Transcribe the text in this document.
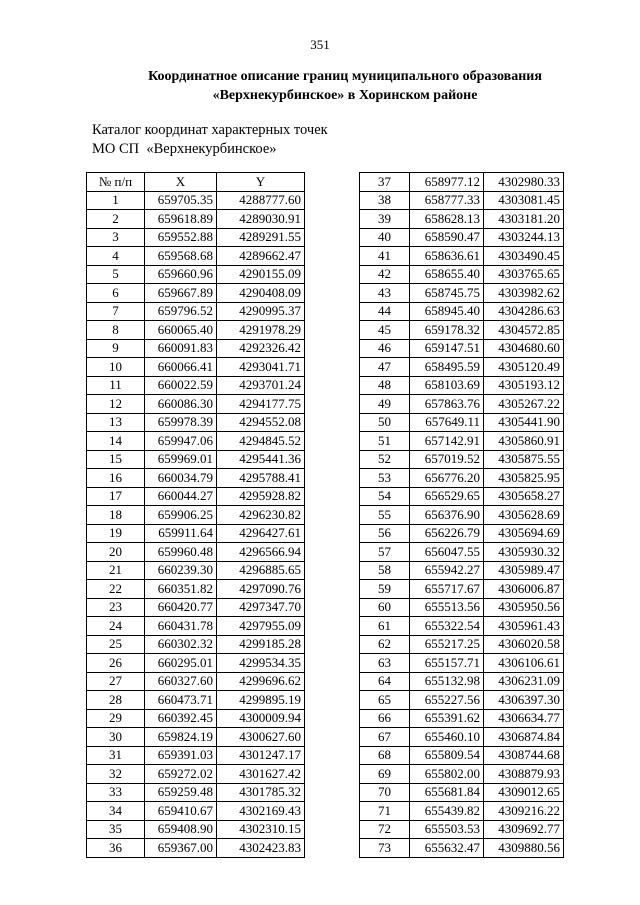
351
Координатное описание границ муниципального образования
«Верхнекурбинское» в Хоринском районе
Каталог координат характерных точек
МО СП  «Верхнекурбинское»
№ п/п	X	Y
1	659705.35	4288777.60
2	659618.89	4289030.91
3	659552.88	4289291.55
4	659568.68	4289662.47
5	659660.96	4290155.09
6	659667.89	4290408.09
7	659796.52	4290995.37
8	660065.40	4291978.29
9	660091.83	4292326.42
10	660066.41	4293041.71
11	660022.59	4293701.24
12	660086.30	4294177.75
13	659978.39	4294552.08
14	659947.06	4294845.52
15	659969.01	4295441.36
16	660034.79	4295788.41
17	660044.27	4295928.82
18	659906.25	4296230.82
19	659911.64	4296427.61
20	659960.48	4296566.94
21	660239.30	4296885.65
22	660351.82	4297090.76
23	660420.77	4297347.70
24	660431.78	4297955.09
25	660302.32	4299185.28
26	660295.01	4299534.35
27	660327.60	4299696.62
28	660473.71	4299895.19
29	660392.45	4300009.94
30	659824.19	4300627.60
31	659391.03	4301247.17
32	659272.02	4301627.42
33	659259.48	4301785.32
34	659410.67	4302169.43
35	659408.90	4302310.15
36	659367.00	4302423.83
37	658977.12	4302980.33
38	658777.33	4303081.45
39	658628.13	4303181.20
40	658590.47	4303244.13
41	658636.61	4303490.45
42	658655.40	4303765.65
43	658745.75	4303982.62
44	658945.40	4304286.63
45	659178.32	4304572.85
46	659147.51	4304680.60
47	658495.59	4305120.49
48	658103.69	4305193.12
49	657863.76	4305267.22
50	657649.11	4305441.90
51	657142.91	4305860.91
52	657019.52	4305875.55
53	656776.20	4305825.95
54	656529.65	4305658.27
55	656376.90	4305628.69
56	656226.79	4305694.69
57	656047.55	4305930.32
58	655942.27	4305989.47
59	655717.67	4306006.87
60	655513.56	4305950.56
61	655322.54	4305961.43
62	655217.25	4306020.58
63	655157.71	4306106.61
64	655132.98	4306231.09
65	655227.56	4306397.30
66	655391.62	4306634.77
67	655460.10	4306874.84
68	655809.54	4308744.68
69	655802.00	4308879.93
70	655681.84	4309012.65
71	655439.82	4309216.22
72	655503.53	4309692.77
73	655632.47	4309880.56
